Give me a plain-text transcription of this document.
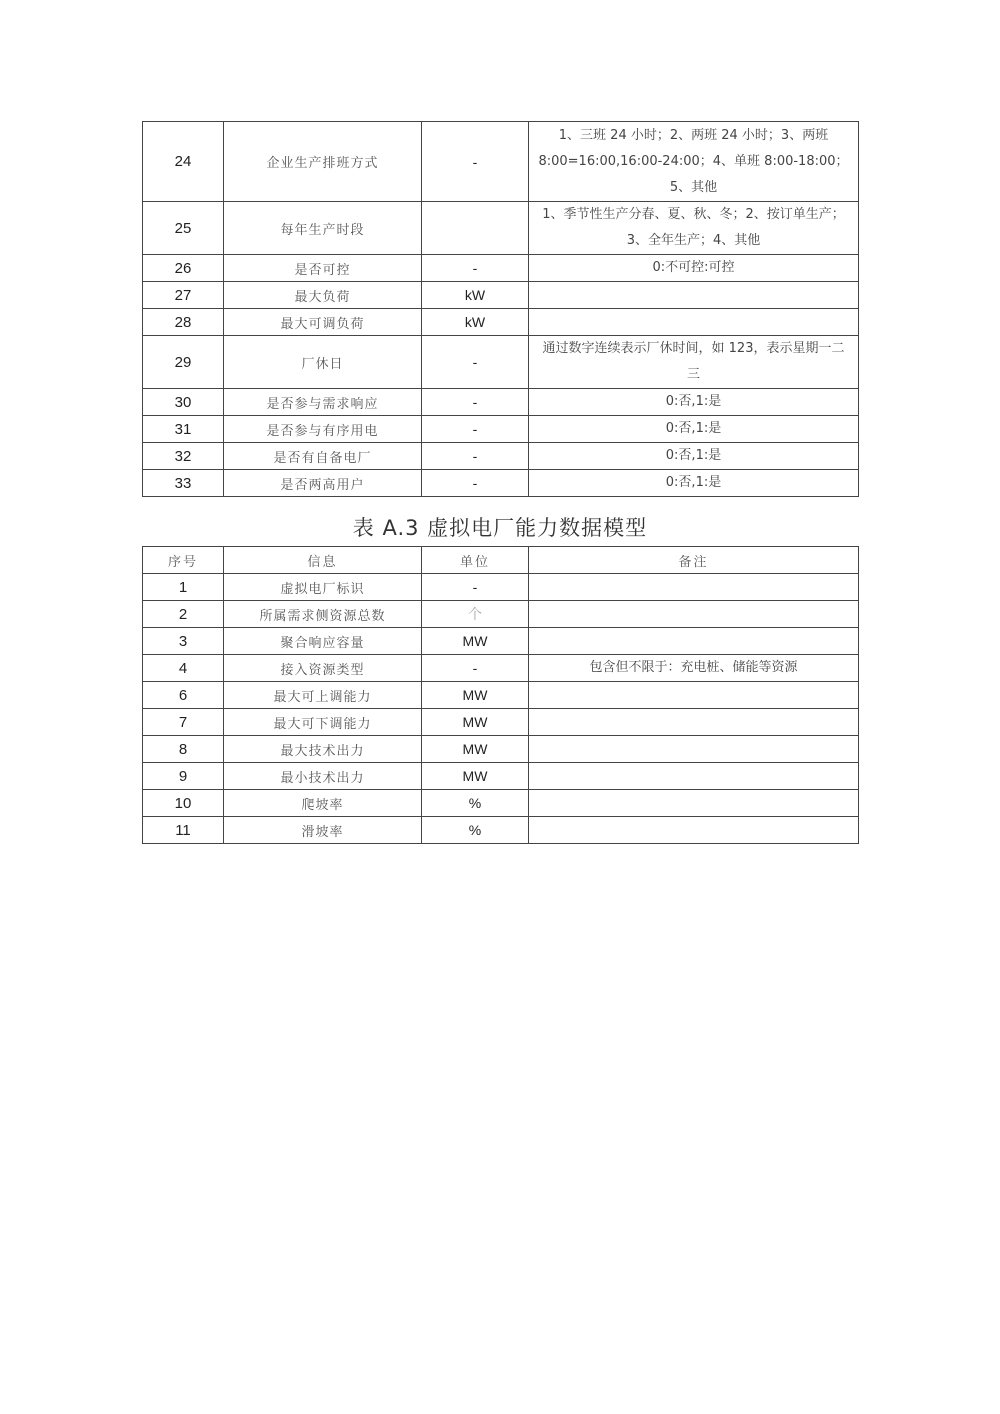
24	企业生产排班方式	-	1、三班 24 小时；2、两班 24 小时；3、两班 8:00=16:00,16:00-24:00；4、单班 8:00-18:00；5、其他
25	每年生产时段		1、季节性生产分春、夏、秋、冬；2、按订单生产；3、全年生产；4、其他
26	是否可控	-	0:不可控:可控
27	最大负荷	kW	
28	最大可调负荷	kW	
29	厂休日	-	通过数字连续表示厂休时间，如 123，表示星期一二三
30	是否参与需求响应	-	0:否,1:是
31	是否参与有序用电	-	0:否,1:是
32	是否有自备电厂	-	0:否,1:是
33	是否两高用户	-	0:否,1:是
表 A.3 虚拟电厂能力数据模型
序号	信息	单位	备注
1	虚拟电厂标识	-	
2	所属需求侧资源总数	个	
3	聚合响应容量	MW	
4	接入资源类型	-	包含但不限于：充电桩、储能等资源
6	最大可上调能力	MW	
7	最大可下调能力	MW	
8	最大技术出力	MW	
9	最小技术出力	MW	
10	爬坡率	%	
11	滑坡率	%	
